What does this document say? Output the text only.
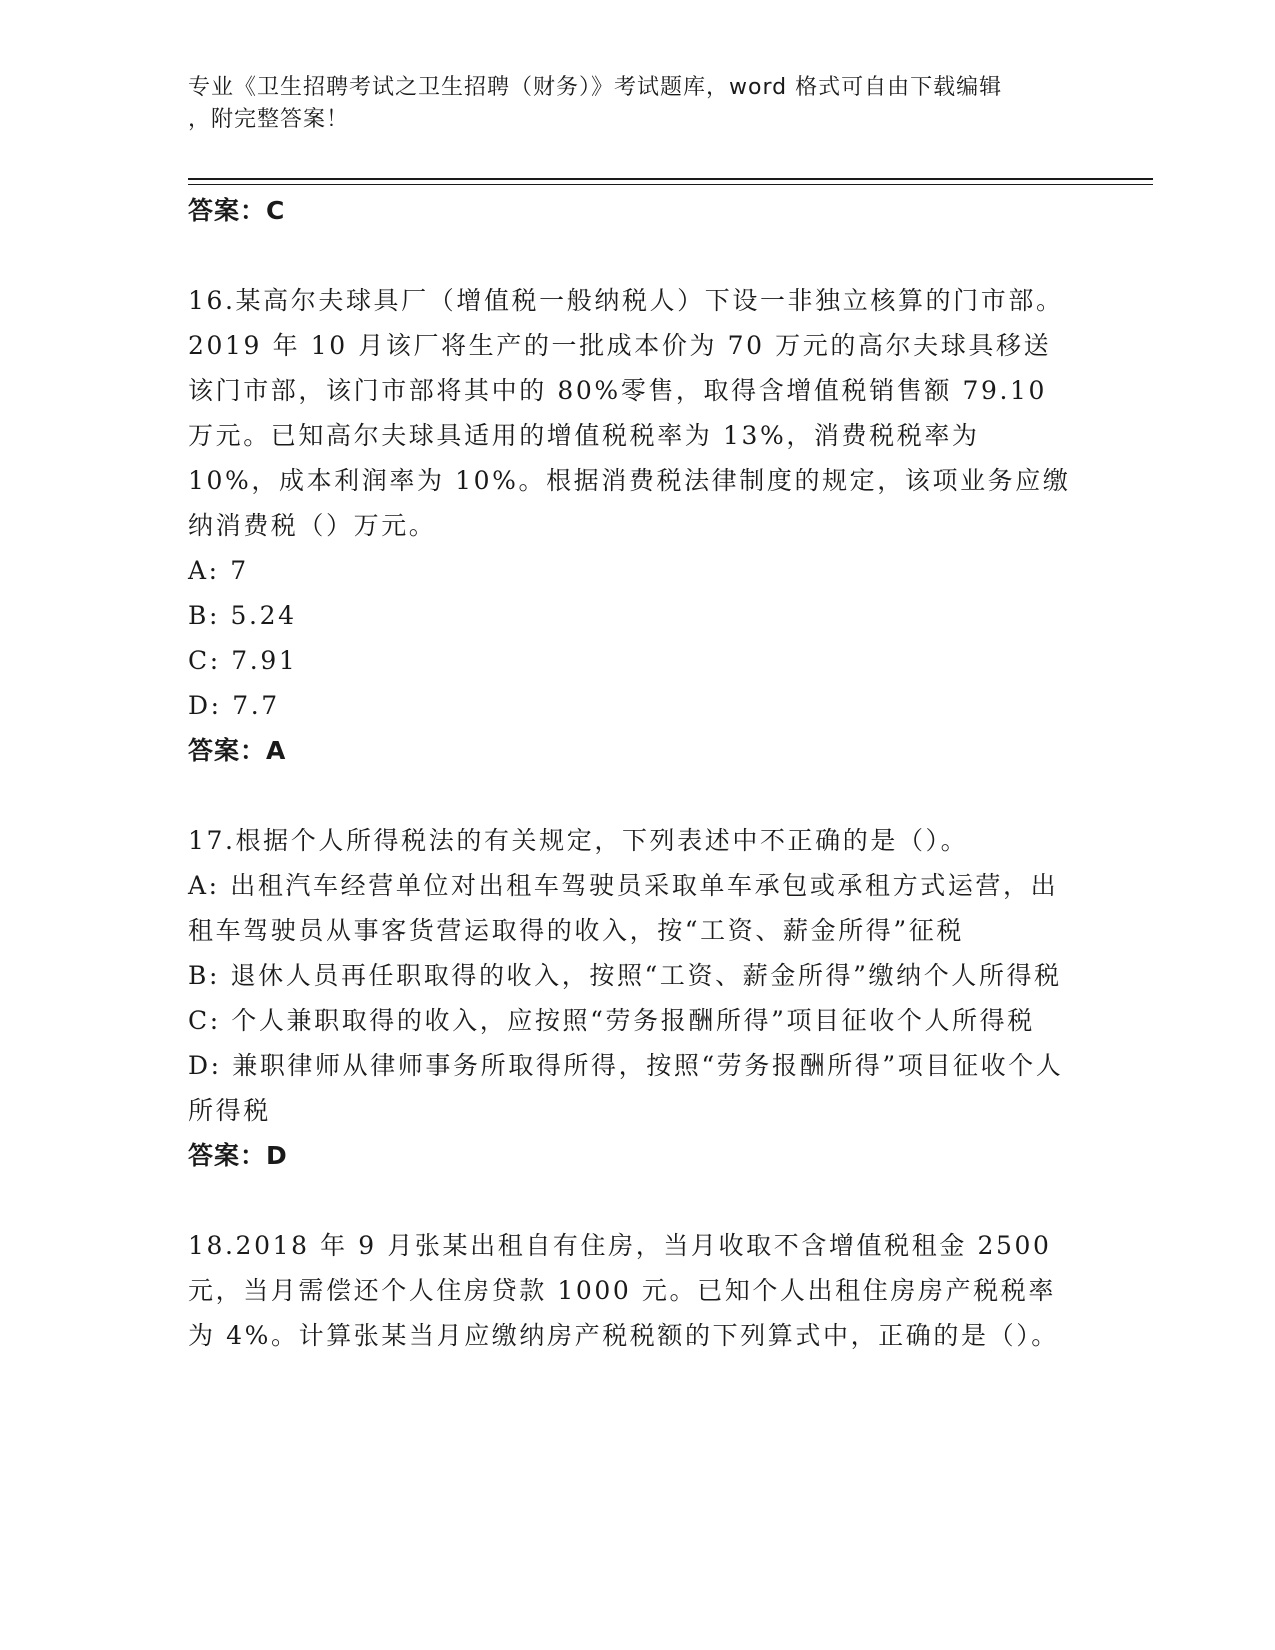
专业《卫生招聘考试之卫生招聘（财务）》考试题库，word 格式可自由下载编辑
，附完整答案！

答案：C

16.某高尔夫球具厂（增值税一般纳税人）下设一非独立核算的门市部。2019 年 10 月该厂将生产的一批成本价为 70 万元的高尔夫球具移送该门市部，该门市部将其中的 80%零售，取得含增值税销售额 79.10 万元。已知高尔夫球具适用的增值税税率为 13%，消费税税率为 10%，成本利润率为 10%。根据消费税法律制度的规定，该项业务应缴纳消费税（）万元。

A: 7

B: 5.24

C: 7.91

D: 7.7

答案：A

17.根据个人所得税法的有关规定，下列表述中不正确的是（）。

A: 出租汽车经营单位对出租车驾驶员采取单车承包或承租方式运营，出租车驾驶员从事客货营运取得的收入，按“工资、薪金所得”征税

B: 退休人员再任职取得的收入，按照“工资、薪金所得”缴纳个人所得税

C: 个人兼职取得的收入，应按照“劳务报酬所得”项目征收个人所得税

D: 兼职律师从律师事务所取得所得，按照“劳务报酬所得”项目征收个人所得税

答案：D

18.2018 年 9 月张某出租自有住房，当月收取不含增值税租金 2500 元，当月需偿还个人住房贷款 1000 元。已知个人出租住房房产税税率为 4%。计算张某当月应缴纳房产税税额的下列算式中，正确的是（）。
